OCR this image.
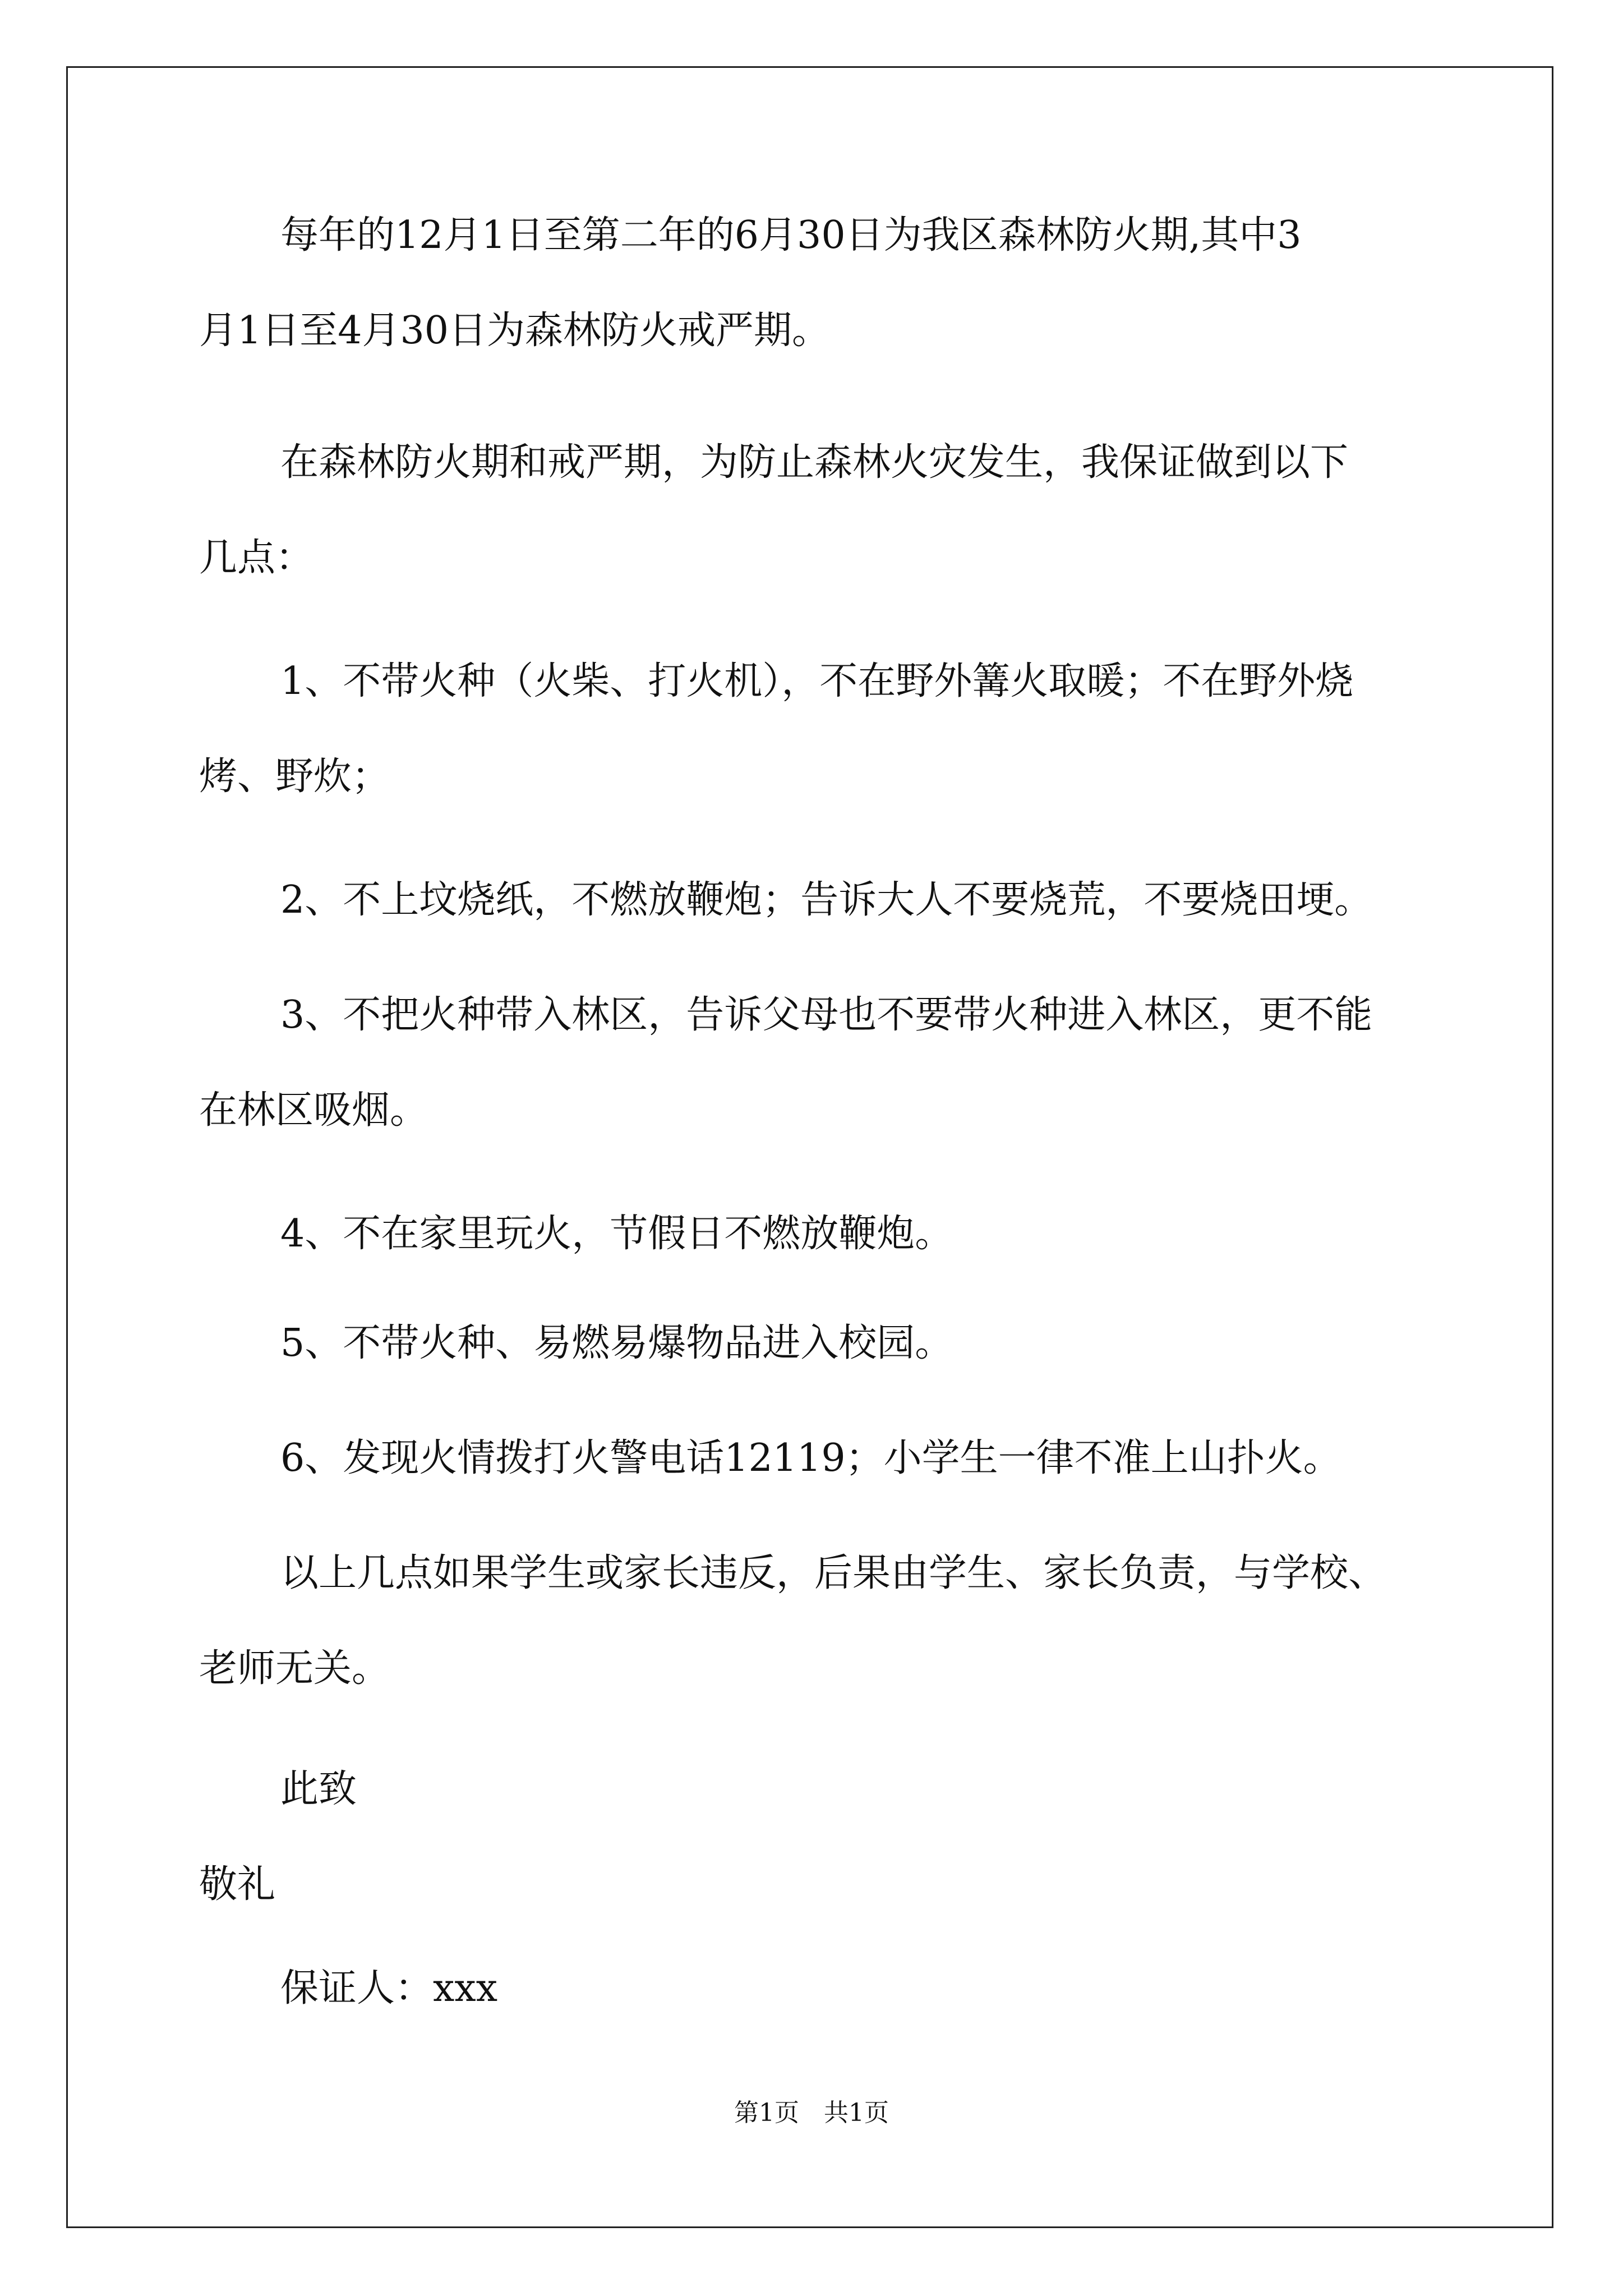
每年的12月1日至第二年的6月30日为我区森林防火期,其中3
月1日至4月30日为森林防火戒严期。
在森林防火期和戒严期，为防止森林火灾发生，我保证做到以下
几点：
1、不带火种（火柴、打火机），不在野外篝火取暖；不在野外烧
烤、野炊；
2、不上坟烧纸，不燃放鞭炮；告诉大人不要烧荒，不要烧田埂。
3、不把火种带入林区，告诉父母也不要带火种进入林区，更不能
在林区吸烟。
4、不在家里玩火，节假日不燃放鞭炮。
5、不带火种、易燃易爆物品进入校园。
6、发现火情拨打火警电话12119；小学生一律不准上山扑火。
以上几点如果学生或家长违反，后果由学生、家长负责，与学校、
老师无关。
此致
敬礼
保证人：xxx
第1页　共1页
